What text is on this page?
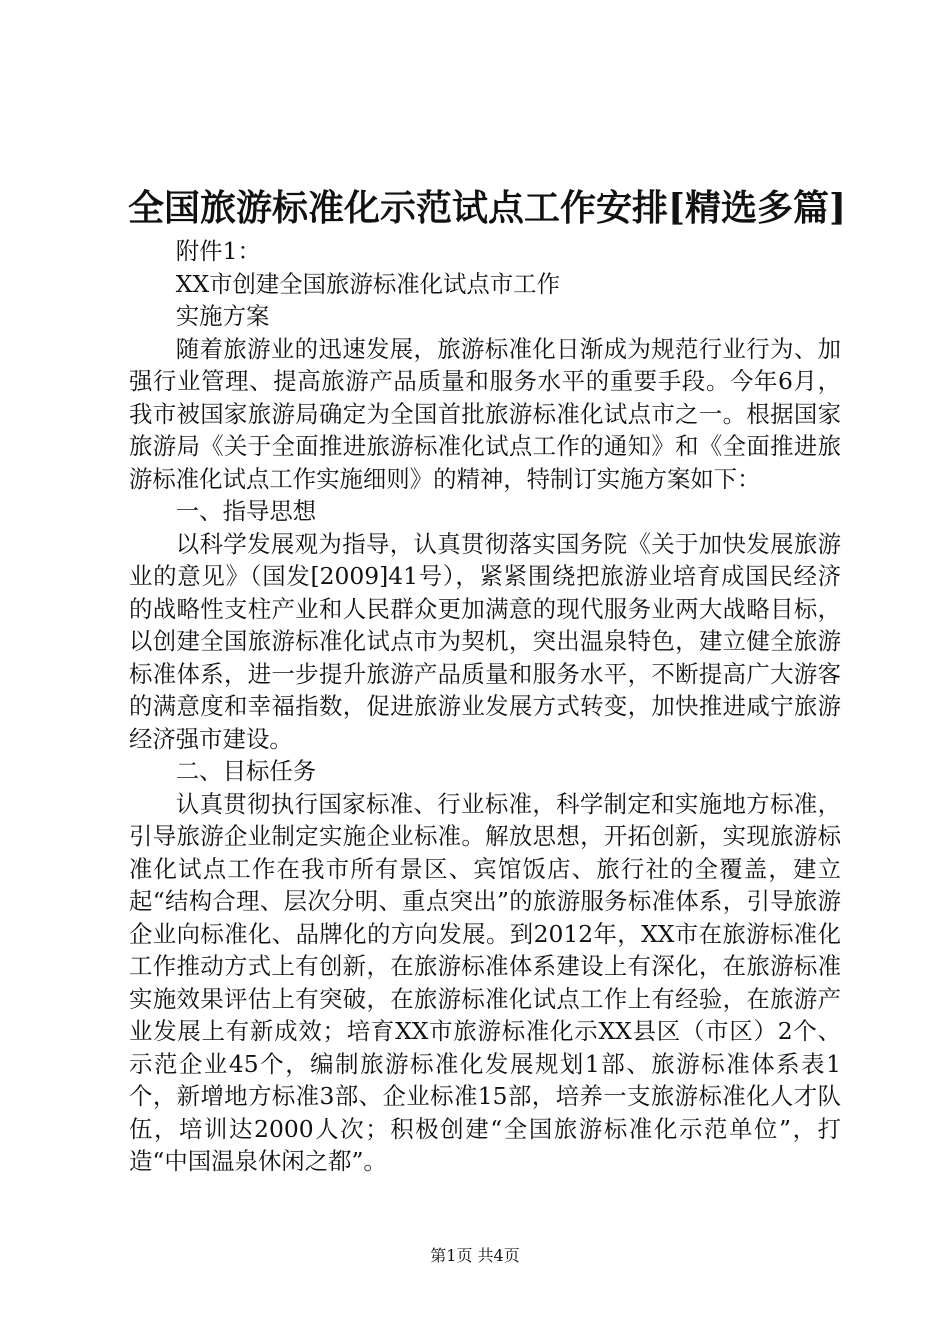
全国旅游标准化示范试点工作安排[精选多篇]

附件1：

XX市创建全国旅游标准化试点市工作

实施方案

随着旅游业的迅速发展，旅游标准化日渐成为规范行业行为、加强行业管理、提高旅游产品质量和服务水平的重要手段。今年6月，我市被国家旅游局确定为全国首批旅游标准化试点市之一。根据国家旅游局《关于全面推进旅游标准化试点工作的通知》和《全面推进旅游标准化试点工作实施细则》的精神，特制订实施方案如下：

一、指导思想

以科学发展观为指导，认真贯彻落实国务院《关于加快发展旅游业的意见》（国发[2009]41号），紧紧围绕把旅游业培育成国民经济的战略性支柱产业和人民群众更加满意的现代服务业两大战略目标，以创建全国旅游标准化试点市为契机，突出温泉特色，建立健全旅游标准体系，进一步提升旅游产品质量和服务水平，不断提高广大游客的满意度和幸福指数，促进旅游业发展方式转变，加快推进咸宁旅游经济强市建设。

二、目标任务

认真贯彻执行国家标准、行业标准，科学制定和实施地方标准，引导旅游企业制定实施企业标准。解放思想，开拓创新，实现旅游标准化试点工作在我市所有景区、宾馆饭店、旅行社的全覆盖，建立起“结构合理、层次分明、重点突出”的旅游服务标准体系，引导旅游企业向标准化、品牌化的方向发展。到2012年，XX市在旅游标准化工作推动方式上有创新，在旅游标准体系建设上有深化，在旅游标准实施效果评估上有突破，在旅游标准化试点工作上有经验，在旅游产业发展上有新成效；培育XX市旅游标准化示XX县区（市区）2个、示范企业45个，编制旅游标准化发展规划1部、旅游标准体系表1个，新增地方标准3部、企业标准15部，培养一支旅游标准化人才队伍，培训达2000人次；积极创建“全国旅游标准化示范单位”，打造“中国温泉休闲之都”。

第1页 共4页
